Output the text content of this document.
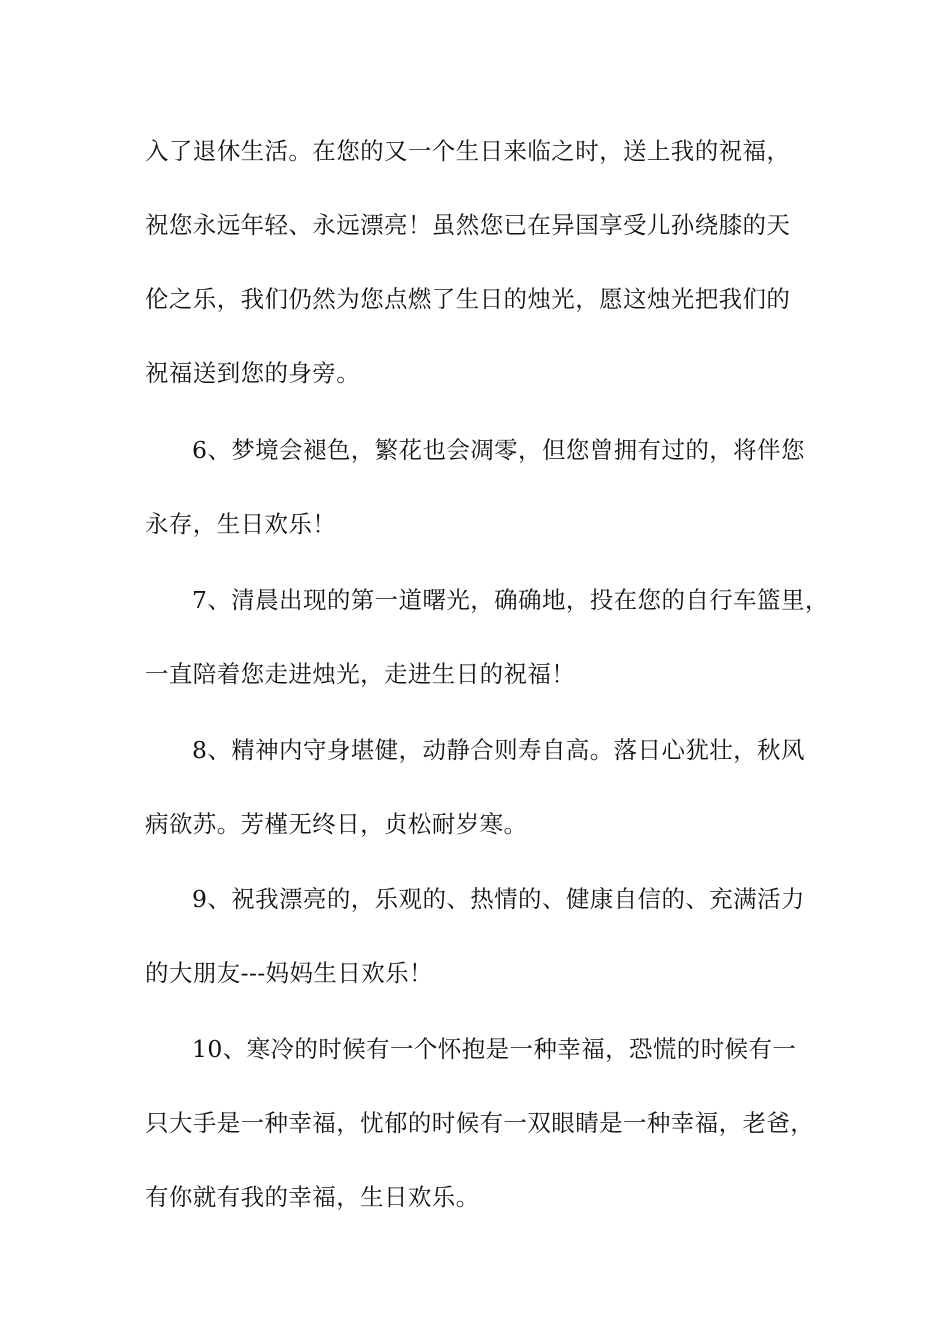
入了退休生活。在您的又一个生日来临之时，送上我的祝福，
祝您永远年轻、永远漂亮！虽然您已在异国享受儿孙绕膝的天
伦之乐，我们仍然为您点燃了生日的烛光，愿这烛光把我们的
祝福送到您的身旁。
6、梦境会褪色，繁花也会凋零，但您曾拥有过的，将伴您
永存，生日欢乐！
7、清晨出现的第一道曙光，确确地，投在您的自行车篮里，
一直陪着您走进烛光，走进生日的祝福！
8、精神内守身堪健，动静合则寿自高。落日心犹壮，秋风
病欲苏。芳槿无终日，贞松耐岁寒。
9、祝我漂亮的，乐观的、热情的、健康自信的、充满活力
的大朋友---妈妈生日欢乐！
10、寒冷的时候有一个怀抱是一种幸福，恐慌的时候有一
只大手是一种幸福，忧郁的时候有一双眼睛是一种幸福，老爸，
有你就有我的幸福，生日欢乐。
